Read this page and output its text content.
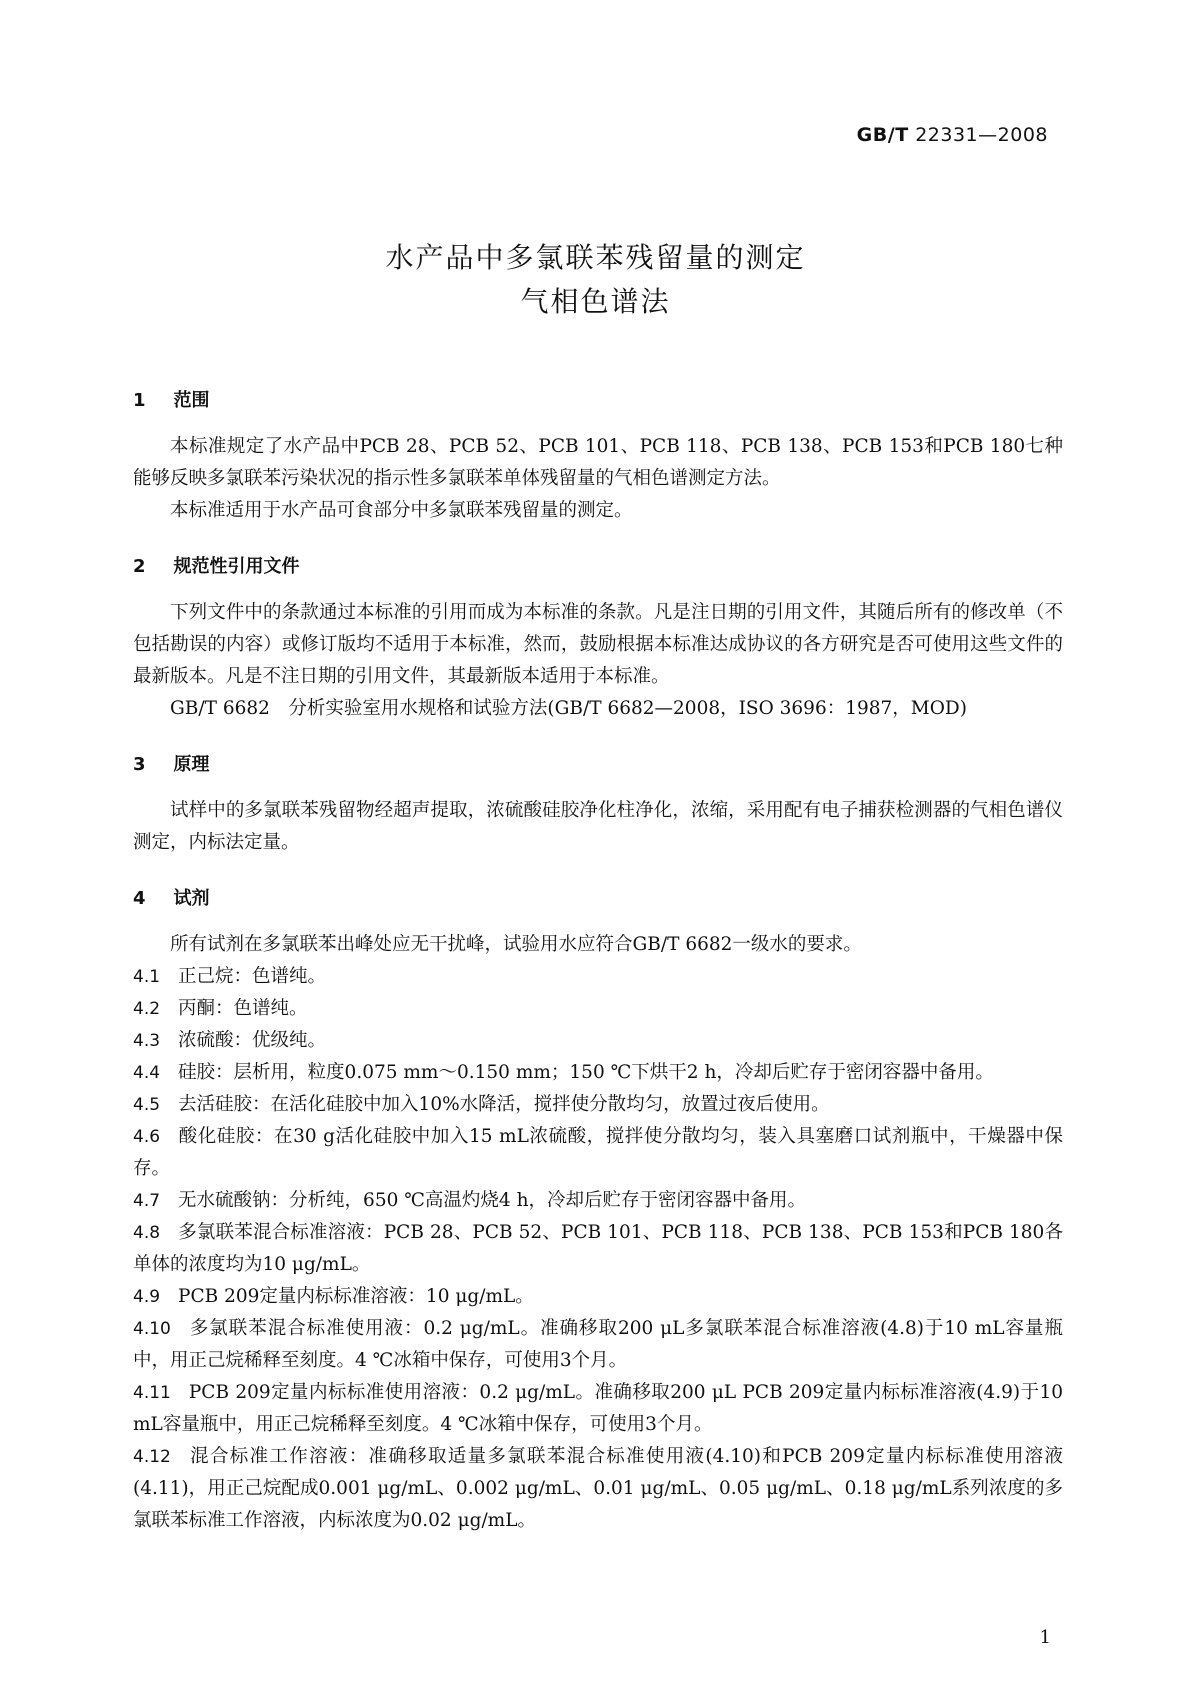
GB/T 22331—2008
水产品中多氯联苯残留量的测定
气相色谱法
1 范围

本标准规定了水产品中PCB 28、PCB 52、PCB 101、PCB 118、PCB 138、PCB 153和PCB 180七种能够反映多氯联苯污染状况的指示性多氯联苯单体残留量的气相色谱测定方法。

本标准适用于水产品可食部分中多氯联苯残留量的测定。

2 规范性引用文件

下列文件中的条款通过本标准的引用而成为本标准的条款。凡是注日期的引用文件，其随后所有的修改单（不包括勘误的内容）或修订版均不适用于本标准，然而，鼓励根据本标准达成协议的各方研究是否可使用这些文件的最新版本。凡是不注日期的引用文件，其最新版本适用于本标准。

GB/T 6682　分析实验室用水规格和试验方法(GB/T 6682—2008，ISO 3696：1987，MOD)

3 原理

试样中的多氯联苯残留物经超声提取，浓硫酸硅胶净化柱净化，浓缩，采用配有电子捕获检测器的气相色谱仪测定，内标法定量。

4 试剂

所有试剂在多氯联苯出峰处应无干扰峰，试验用水应符合GB/T 6682一级水的要求。

4.1 正己烷：色谱纯。

4.2 丙酮：色谱纯。

4.3 浓硫酸：优级纯。

4.4 硅胶：层析用，粒度0.075 mm～0.150 mm；150 ℃下烘干2 h，冷却后贮存于密闭容器中备用。

4.5 去活硅胶：在活化硅胶中加入10%水降活，搅拌使分散均匀，放置过夜后使用。

4.6 酸化硅胶：在30 g活化硅胶中加入15 mL浓硫酸，搅拌使分散均匀，装入具塞磨口试剂瓶中，干燥器中保存。

4.7 无水硫酸钠：分析纯，650 ℃高温灼烧4 h，冷却后贮存于密闭容器中备用。

4.8 多氯联苯混合标准溶液：PCB 28、PCB 52、PCB 101、PCB 118、PCB 138、PCB 153和PCB 180各单体的浓度均为10 μg/mL。

4.9 PCB 209定量内标标准溶液：10 μg/mL。

4.10 多氯联苯混合标准使用液：0.2 μg/mL。准确移取200 μL多氯联苯混合标准溶液(4.8)于10 mL容量瓶中，用正己烷稀释至刻度。4 ℃冰箱中保存，可使用3个月。

4.11 PCB 209定量内标标准使用溶液：0.2 μg/mL。准确移取200 μL PCB 209定量内标标准溶液(4.9)于10 mL容量瓶中，用正己烷稀释至刻度。4 ℃冰箱中保存，可使用3个月。

4.12 混合标准工作溶液：准确移取适量多氯联苯混合标准使用液(4.10)和PCB 209定量内标标准使用溶液(4.11)，用正己烷配成0.001 μg/mL、0.002 μg/mL、0.01 μg/mL、0.05 μg/mL、0.18 μg/mL系列浓度的多氯联苯标准工作溶液，内标浓度为0.02 μg/mL。

1
